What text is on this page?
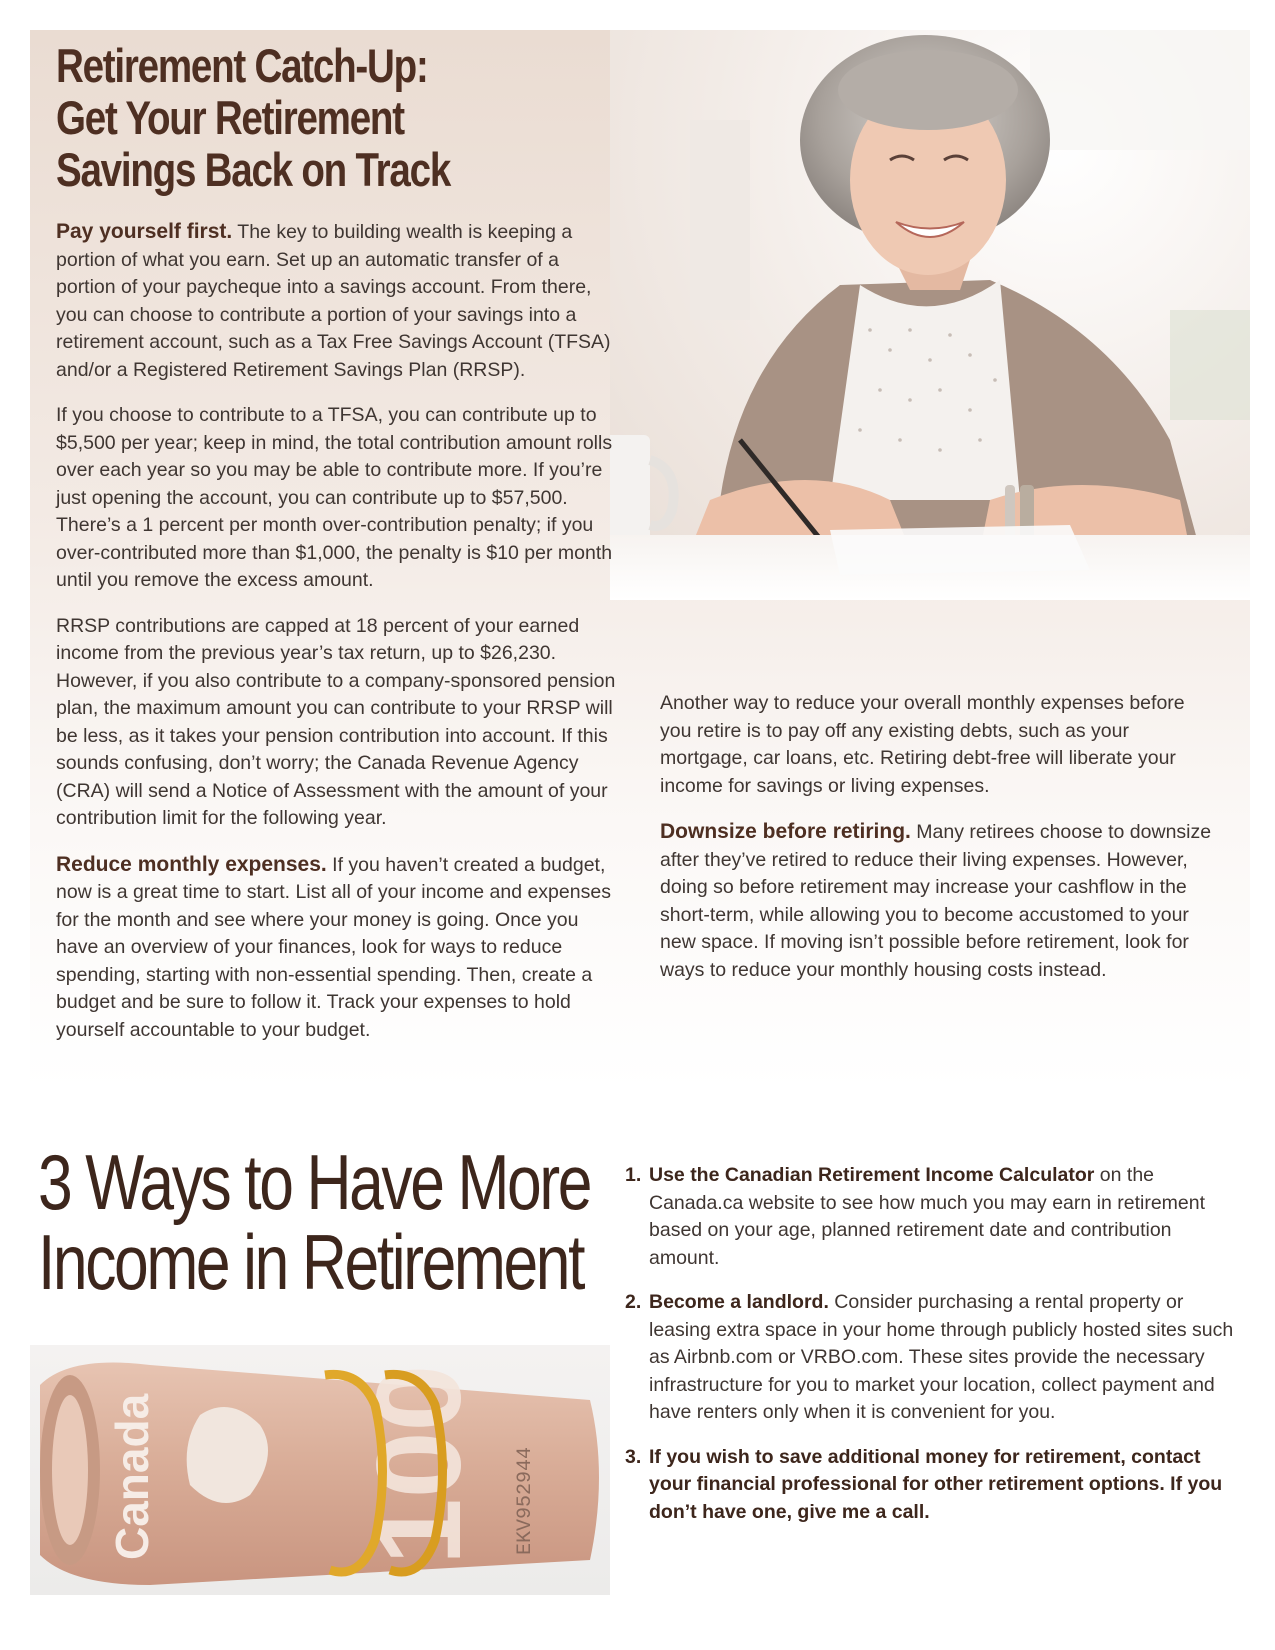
Retirement Catch-Up:
Get Your Retirement
Savings Back on Track

Pay yourself first. The key to building wealth is keeping a portion of what you earn. Set up an automatic transfer of a portion of your paycheque into a savings account. From there, you can choose to contribute a portion of your savings into a retirement account, such as a Tax Free Savings Account (TFSA) and/or a Registered Retirement Savings Plan (RRSP).

If you choose to contribute to a TFSA, you can contribute up to $5,500 per year; keep in mind, the total contribution amount rolls over each year so you may be able to contribute more. If you’re just opening the account, you can contribute up to $57,500. There’s a 1 percent per month over-contribution penalty; if you over-contributed more than $1,000, the penalty is $10 per month until you remove the excess amount.

RRSP contributions are capped at 18 percent of your earned income from the previous year’s tax return, up to $26,230. However, if you also contribute to a company-sponsored pension plan, the maximum amount you can contribute to your RRSP will be less, as it takes your pension contribution into account. If this sounds confusing, don’t worry; the Canada Revenue Agency (CRA) will send a Notice of Assessment with the amount of your contribution limit for the following year.

Reduce monthly expenses. If you haven’t created a budget, now is a great time to start. List all of your income and expenses for the month and see where your money is going. Once you have an overview of your finances, look for ways to reduce spending, starting with non-essential spending. Then, create a budget and be sure to follow it. Track your expenses to hold yourself accountable to your budget.

Another way to reduce your overall monthly expenses before you retire is to pay off any existing debts, such as your mortgage, car loans, etc. Retiring debt-free will liberate your income for savings or living expenses.

Downsize before retiring. Many retirees choose to downsize after they’ve retired to reduce their living expenses. However, doing so before retirement may increase your cashflow in the short-term, while allowing you to become accustomed to your new space. If moving isn’t possible before retirement, look for ways to reduce your monthly housing costs instead.

3 Ways to Have More
Income in Retirement
Canada 100 EKV952944
1. Use the Canadian Retirement Income Calculator on the Canada.ca website to see how much you may earn in retirement based on your age, planned retirement date and contribution amount.
2. Become a landlord. Consider purchasing a rental property or leasing extra space in your home through publicly hosted sites such as Airbnb.com or VRBO.com. These sites provide the necessary infrastructure for you to market your location, collect payment and have renters only when it is convenient for you.
3. If you wish to save additional money for retirement, contact your financial professional for other retirement options. If you don’t have one, give me a call.
